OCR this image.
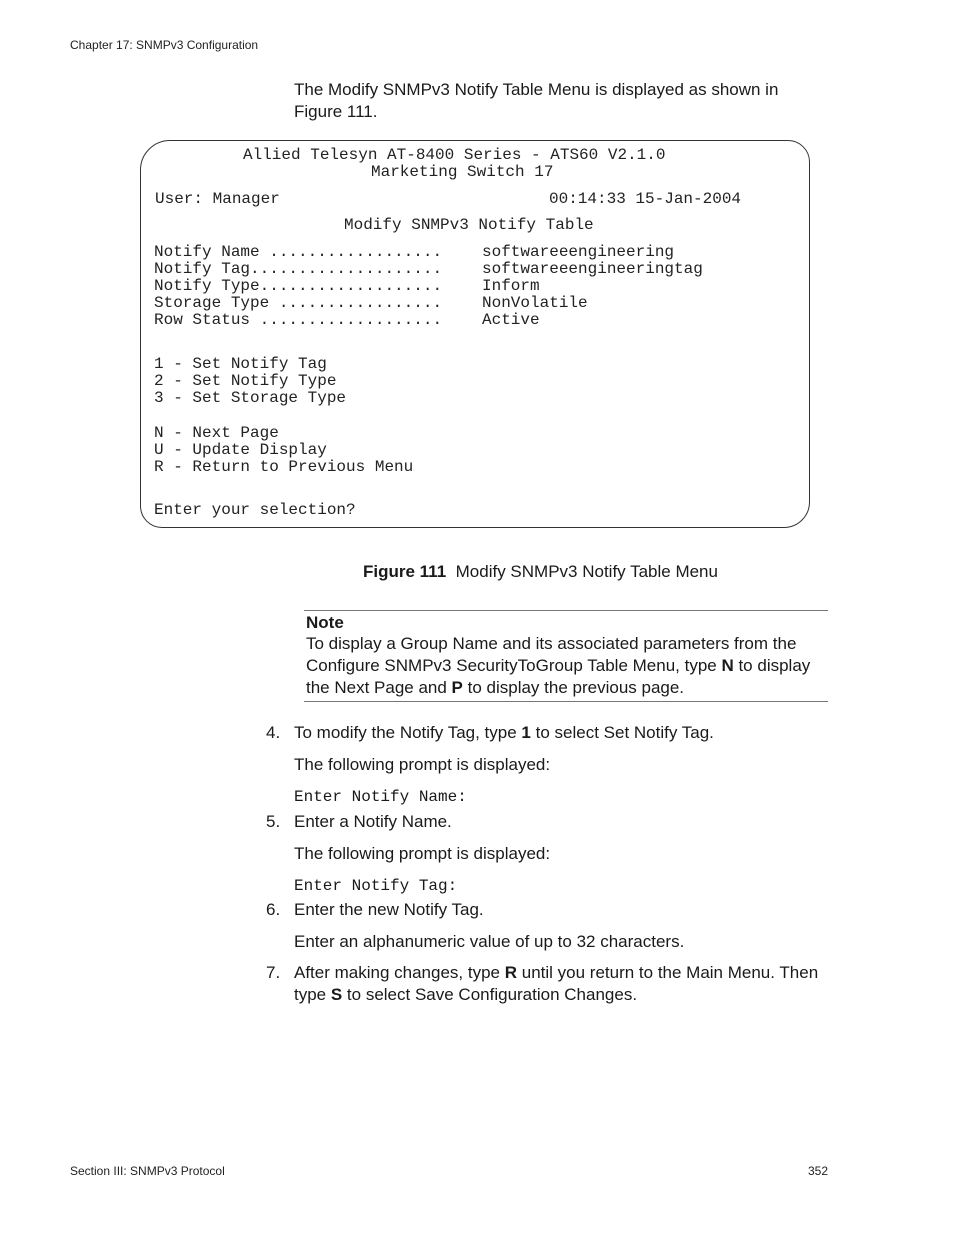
Chapter 17: SNMPv3 Configuration
The Modify SNMPv3 Notify Table Menu is displayed as shown in
Figure 111.
Allied Telesyn AT-8400 Series - ATS60 V2.1.0
Marketing Switch 17
User: Manager	00:14:33 15-Jan-2004
Modify SNMPv3 Notify Table
Notify Name .................. softwareeengineering
Notify Tag.................... softwareeengineeringtag
Notify Type................... Inform
Storage Type ................. NonVolatile
Row Status ................... Active
1 - Set Notify Tag
2 - Set Notify Type
3 - Set Storage Type
N - Next Page
U - Update Display
R - Return to Previous Menu
Enter your selection?
Figure 111 Modify SNMPv3 Notify Table Menu
Note
To display a Group Name and its associated parameters from the
Configure SNMPv3 SecurityToGroup Table Menu, type N to display
the Next Page and P to display the previous page.
4. To modify the Notify Tag, type 1 to select Set Notify Tag.
The following prompt is displayed:
Enter Notify Name:
5. Enter a Notify Name.
The following prompt is displayed:
Enter Notify Tag:
6. Enter the new Notify Tag.
Enter an alphanumeric value of up to 32 characters.
7. After making changes, type R until you return to the Main Menu. Then
type S to select Save Configuration Changes.
Section III: SNMPv3 Protocol	352
